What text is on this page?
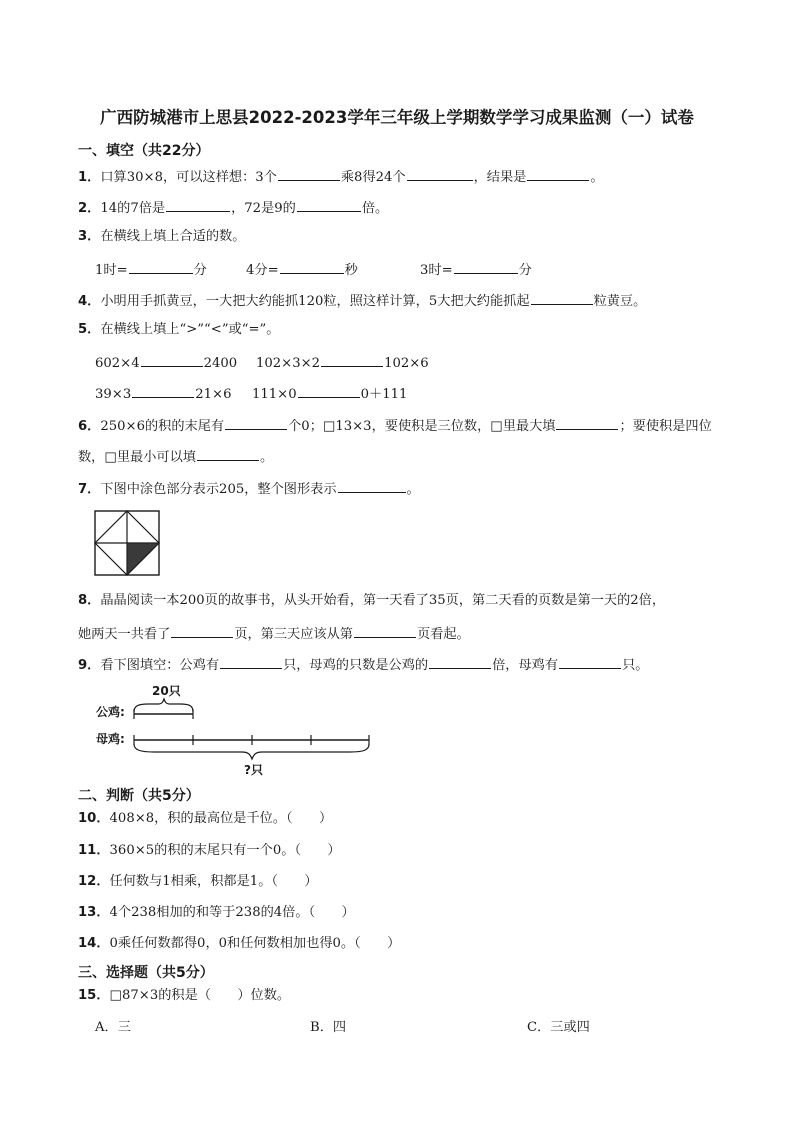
广西防城港市上思县2022-2023学年三年级上学期数学学习成果监测（一）试卷
一、填空（共22分）
1．口算30×8，可以这样想：3个	乘8得24个	，结果是	。
2．14的7倍是	，72是9的	倍。
3．在横线上填上合适的数。
1时=	分	4分=	秒	3时=	分
4．小明用手抓黄豆，一大把大约能抓120粒，照这样计算，5大把大约能抓起	粒黄豆。
5．在横线上填上“>”“<”或“=”。
602×4	2400 102×3×2	102×6
39×3	21×6 111×0	0＋111
6．250×6的积的末尾有	个0；□13×3，要使积是三位数，□里最大填	；要使积是四位
数，□里最小可以填	。
7．下图中涂色部分表示205，整个图形表示	。
8．晶晶阅读一本200页的故事书，从头开始看，第一天看了35页，第二天看的页数是第一天的2倍，
她两天一共看了	页，第三天应该从第	页看起。
9．看下图填空：公鸡有	只，母鸡的只数是公鸡的	倍，母鸡有	只。
20只
公鸡:
母鸡:
?只
二、判断（共5分）
10．408×8，积的最高位是千位。（　　）
11．360×5的积的末尾只有一个0。（　　）
12．任何数与1相乘，积都是1。（　　）
13．4个238相加的和等于238的4倍。（　　）
14．0乘任何数都得0，0和任何数相加也得0。（　　）
三、选择题（共5分）
15．□87×3的积是（　　）位数。
A．三	B．四	C．三或四
